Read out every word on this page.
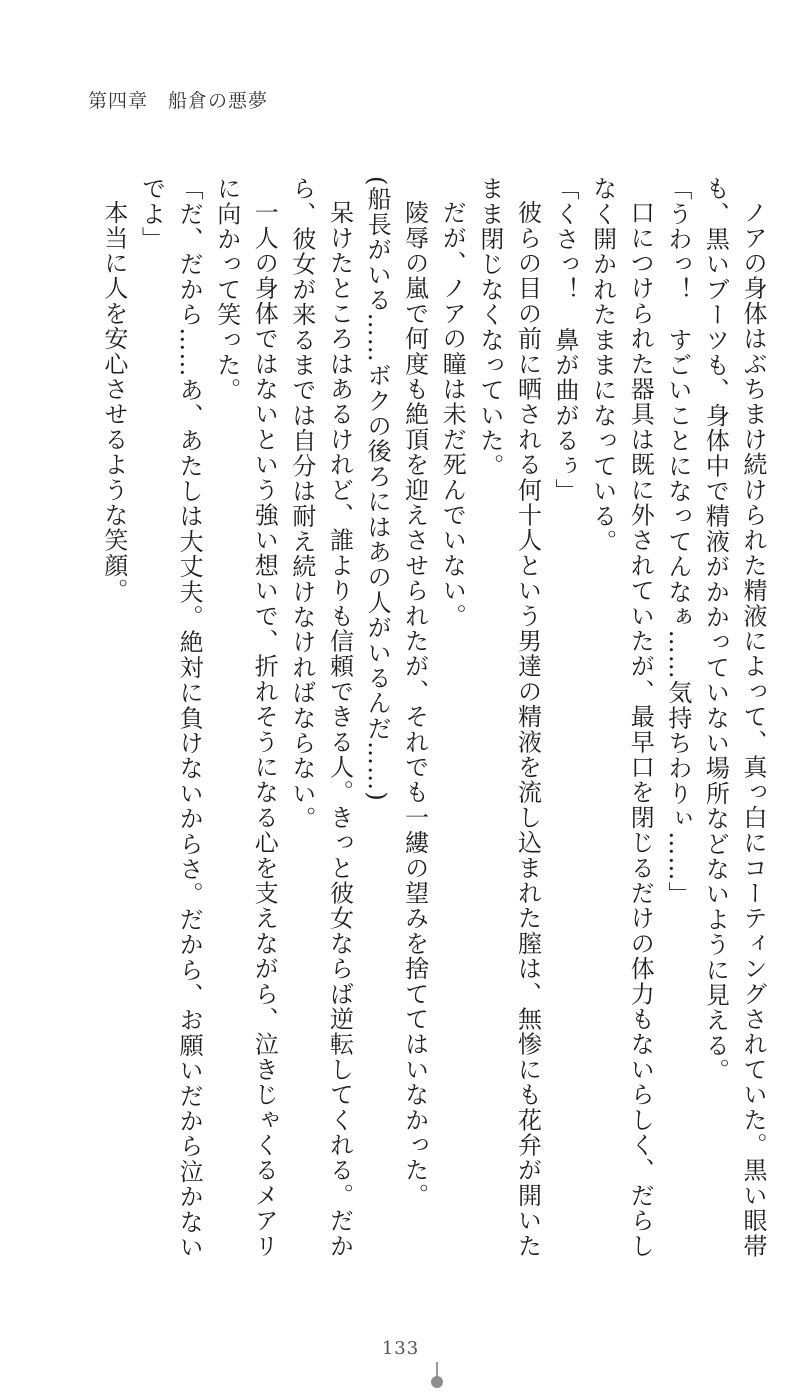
第四章　船倉の悪夢

ノアの身体はぶちまけ続けられた精液によって、真っ白にコーティングされていた。黒い眼帯も、黒いブーツも、身体中で精液がかかっていない場所などないように見える。

「うわっ！　すごいことになってんなぁ……気持ちわりぃ……」

口につけられた器具は既に外されていたが、最早口を閉じるだけの体力もないらしく、だらしなく開かれたままになっている。

「くさっ！　鼻が曲がるぅ」

彼らの目の前に晒される何十人という男達の精液を流し込まれた膣は、無惨にも花弁が開いたまま閉じなくなっていた。

だが、ノアの瞳は未だ死んでいない。

陵辱の嵐で何度も絶頂を迎えさせられたが、それでも一縷の望みを捨ててはいなかった。

(船長がいる……ボクの後ろにはあの人がいるんだ……)

呆けたところはあるけれど、誰よりも信頼できる人。きっと彼女ならば逆転してくれる。だから、彼女が来るまでは自分は耐え続けなければならない。

一人の身体ではないという強い想いで、折れそうになる心を支えながら、泣きじゃくるメアリに向かって笑った。

「だ、だから……あ、あたしは大丈夫。絶対に負けないからさ。だから、お願いだから泣かないでよ」

本当に人を安心させるような笑顔。

133
